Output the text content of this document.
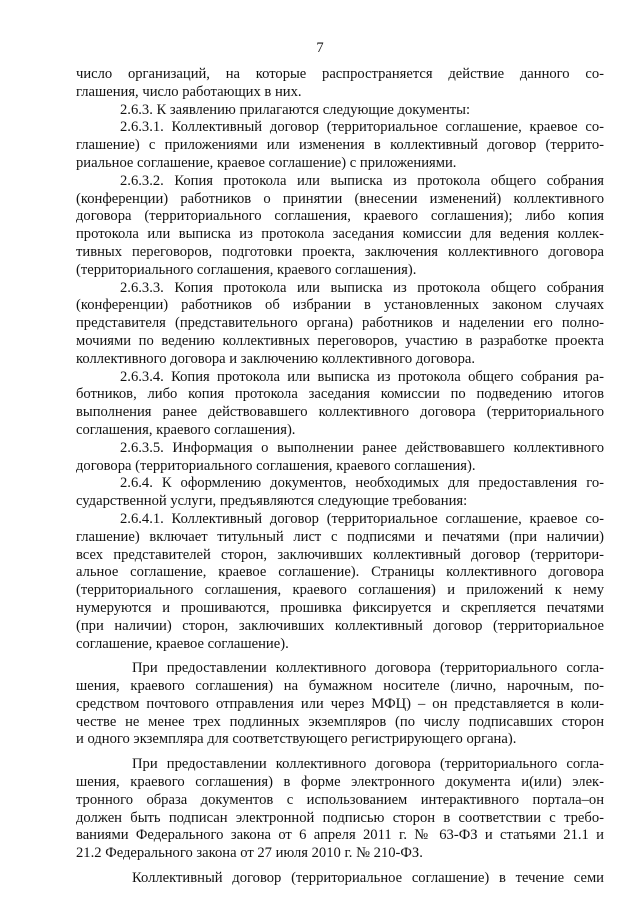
7
число организаций, на которые распространяется действие данного со-
глашения, число работающих в них.
2.6.3. К заявлению прилагаются следующие документы:
2.6.3.1. Коллективный договор (территориальное соглашение, краевое со-
глашение) с приложениями или изменения в коллективный договор (террито-
риальное соглашение, краевое соглашение) с приложениями.
2.6.3.2. Копия протокола или выписка из протокола общего собрания
(конференции) работников о принятии (внесении изменений) коллективного
договора (территориального соглашения, краевого соглашения); либо копия
протокола или выписка из протокола заседания комиссии для ведения коллек-
тивных переговоров, подготовки проекта, заключения коллективного договора
(территориального соглашения, краевого соглашения).
2.6.3.3. Копия протокола или выписка из протокола общего собрания
(конференции) работников об избрании в установленных законом случаях
представителя (представительного органа) работников и наделении его полно-
мочиями по ведению коллективных переговоров, участию в разработке проекта
коллективного договора и заключению коллективного договора.
2.6.3.4. Копия протокола или выписка из протокола общего собрания ра-
ботников, либо копия протокола заседания комиссии по подведению итогов
выполнения ранее действовавшего коллективного договора (территориального
соглашения, краевого соглашения).
2.6.3.5. Информация о выполнении ранее действовавшего коллективного
договора (территориального соглашения, краевого соглашения).
2.6.4. К оформлению документов, необходимых для предоставления го-
сударственной услуги, предъявляются следующие требования:
2.6.4.1. Коллективный договор (территориальное соглашение, краевое со-
глашение) включает титульный лист с подписями и печатями (при наличии)
всех представителей сторон, заключивших коллективный договор (территори-
альное соглашение, краевое соглашение). Страницы коллективного договора
(территориального соглашения, краевого соглашения) и приложений к нему
нумеруются и прошиваются, прошивка фиксируется и скрепляется печатями
(при наличии) сторон, заключивших коллективный договор (территориальное
соглашение, краевое соглашение).
При предоставлении коллективного договора (территориального согла-
шения, краевого соглашения) на бумажном носителе (лично, нарочным, по-
средством почтового отправления или через МФЦ) – он представляется в коли-
честве не менее трех подлинных экземпляров (по числу подписавших сторон
и одного экземпляра для соответствующего регистрирующего органа).
При предоставлении коллективного договора (территориального согла-
шения, краевого соглашения) в форме электронного документа и(или) элек-
тронного образа документов с использованием интерактивного портала–он
должен быть подписан электронной подписью сторон в соответствии с требо-
ваниями Федерального закона от 6 апреля 2011 г. № 63-ФЗ и статьями 21.1 и
21.2 Федерального закона от 27 июля 2010 г. № 210-ФЗ.
Коллективный договор (территориальное соглашение) в течение семи
